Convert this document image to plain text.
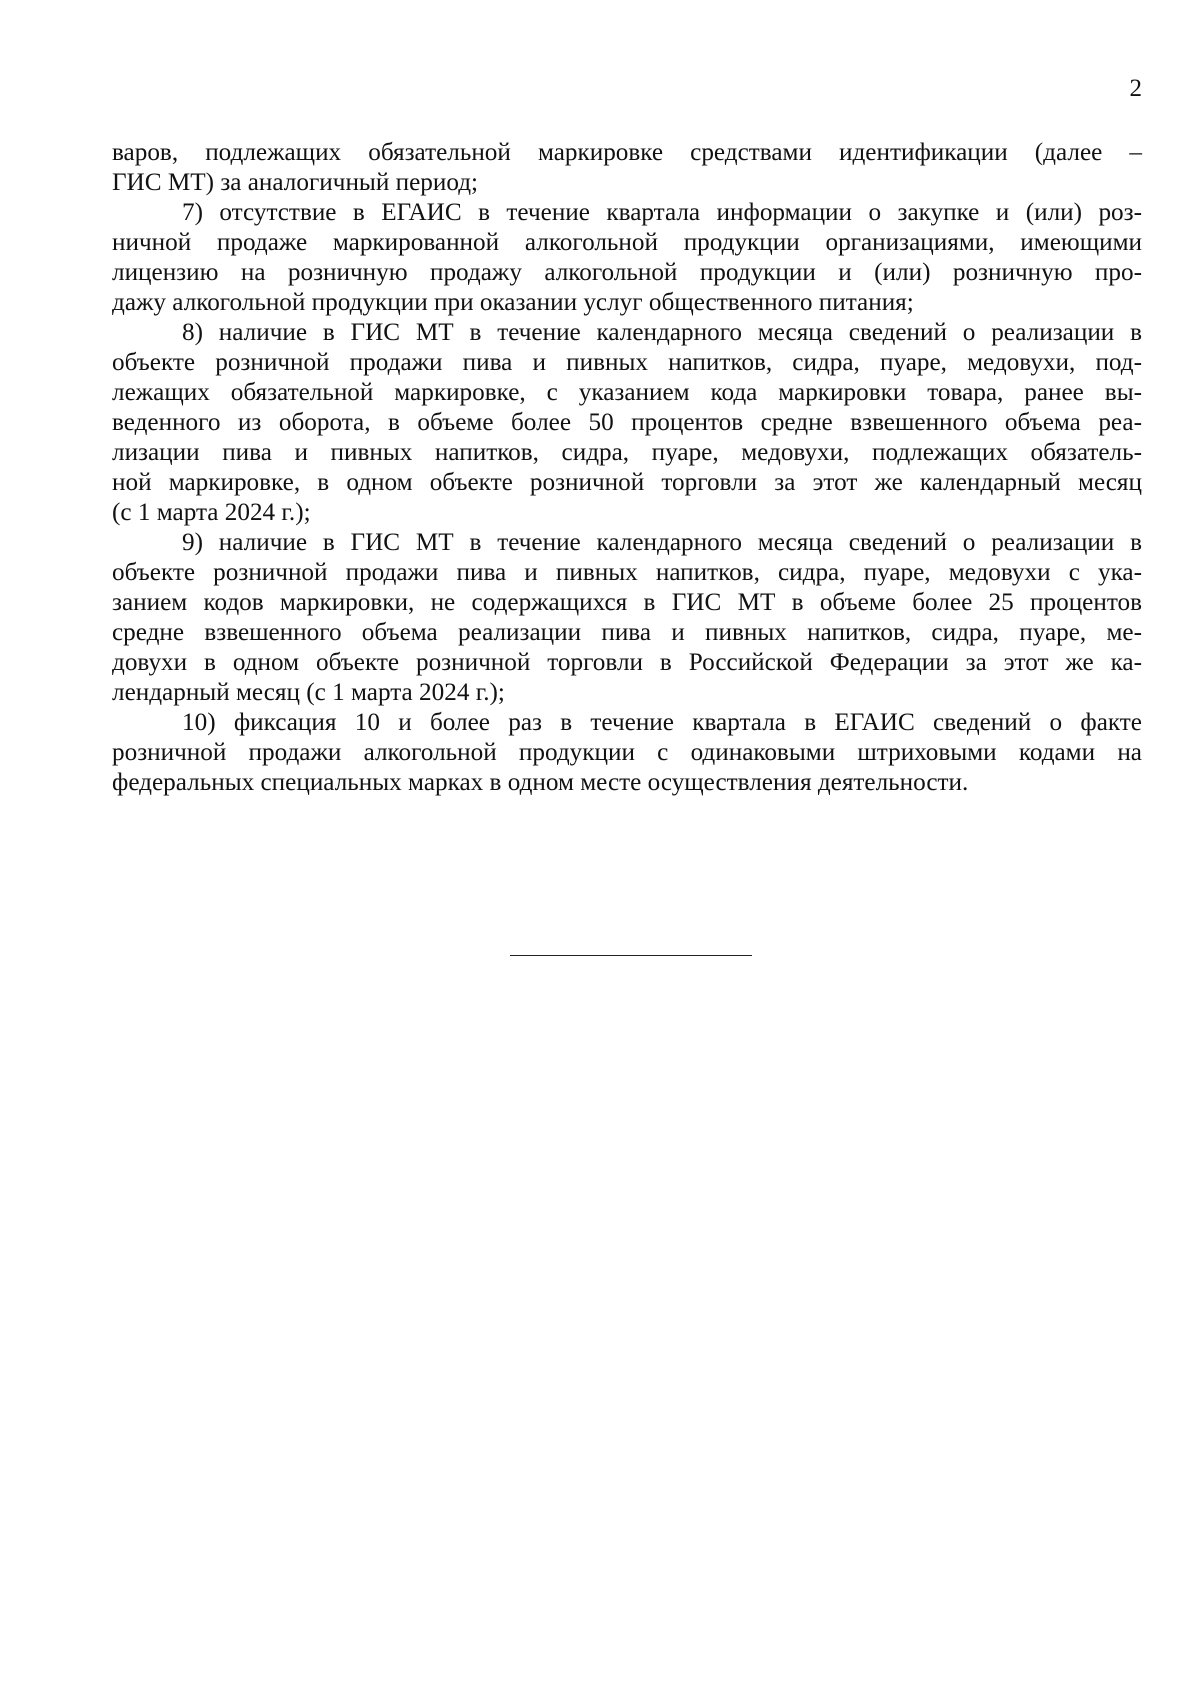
2
варов, подлежащих обязательной маркировке средствами идентификации (далее –
ГИС МТ) за аналогичный период;
7) отсутствие в ЕГАИС в течение квартала информации о закупке и (или) роз-
ничной продаже маркированной алкогольной продукции организациями, имеющими
лицензию на розничную продажу алкогольной продукции и (или) розничную про-
дажу алкогольной продукции при оказании услуг общественного питания;
8) наличие в ГИС МТ в течение календарного месяца сведений о реализации в
объекте розничной продажи пива и пивных напитков, сидра, пуаре, медовухи, под-
лежащих обязательной маркировке, с указанием кода маркировки товара, ранее вы-
веденного из оборота, в объеме более 50 процентов средне взвешенного объема реа-
лизации пива и пивных напитков, сидра, пуаре, медовухи, подлежащих обязатель-
ной маркировке, в одном объекте розничной торговли за этот же календарный месяц
(с 1 марта 2024 г.);
9) наличие в ГИС МТ в течение календарного месяца сведений о реализации в
объекте розничной продажи пива и пивных напитков, сидра, пуаре, медовухи с ука-
занием кодов маркировки, не содержащихся в ГИС МТ в объеме более 25 процентов
средне взвешенного объема реализации пива и пивных напитков, сидра, пуаре, ме-
довухи в одном объекте розничной торговли в Российской Федерации за этот же ка-
лендарный месяц (с 1 марта 2024 г.);
10) фиксация 10 и более раз в течение квартала в ЕГАИС сведений о факте
розничной продажи алкогольной продукции с одинаковыми штриховыми кодами на
федеральных специальных марках в одном месте осуществления деятельности.
